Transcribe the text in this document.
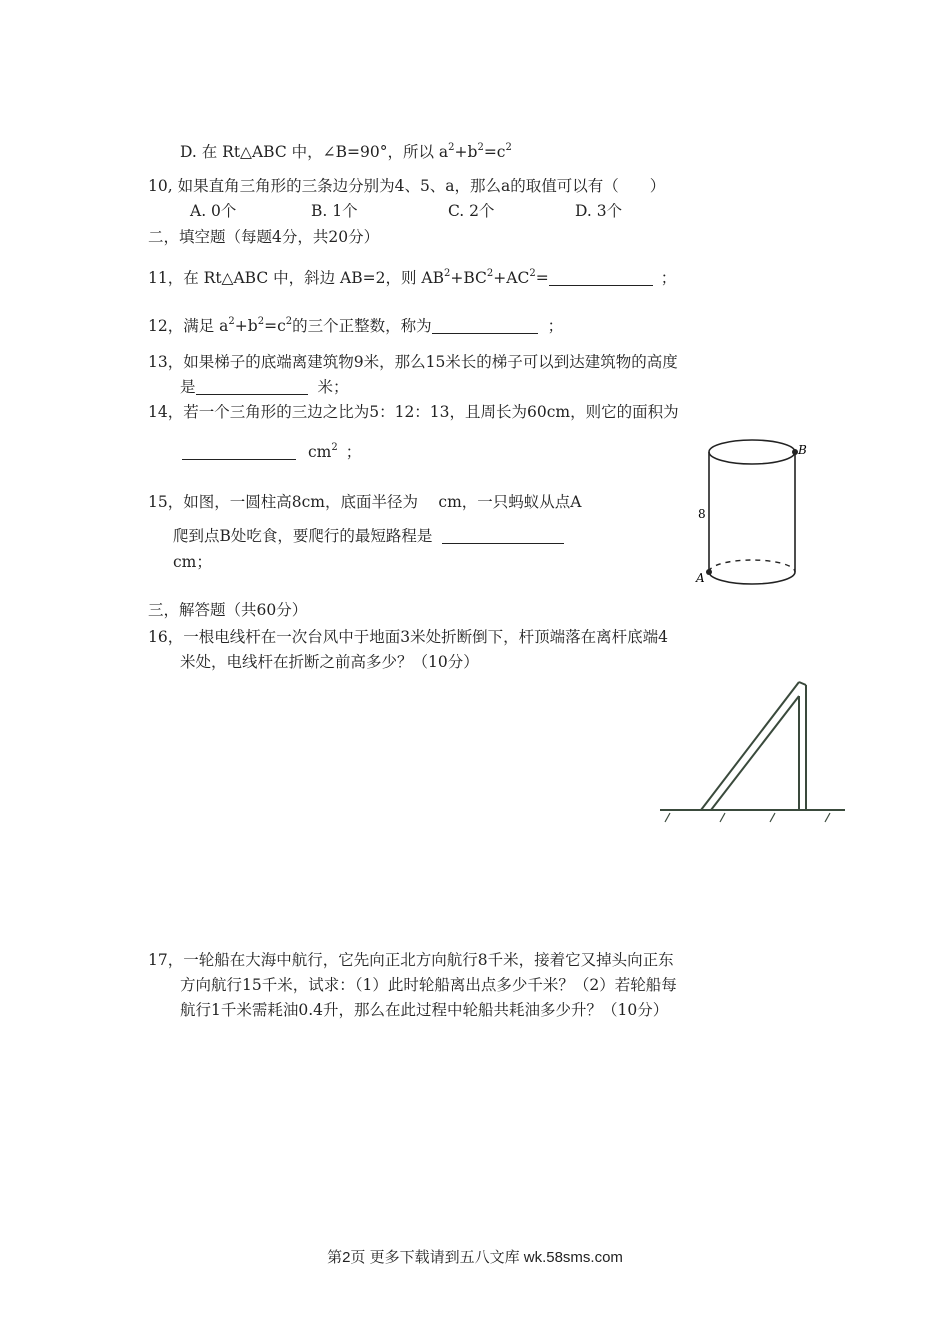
D. 在 Rt△ABC 中，∠B=90°，所以 $a^2+b^2=c^2$
10, 如果直角三角形的三条边分别为4、5、a，那么a的取值可以有（　　）
A. 0个	B. 1个	C. 2个	D. 3个
二，填空题（每题4分，共20分）
11，在 Rt△ABC 中，斜边 AB=2，则 $AB^2+BC^2+AC^2=$	；
12，满足 $a^2+b^2=c^2$的三个正整数，称为	；
13，如果梯子的底端离建筑物9米，那么15米长的梯子可以到达建筑物的高度
是	米；
14，若一个三角形的三边之比为5：12：13，且周长为60cm，则它的面积为
$cm^2$ ；
15，如图，一圆柱高8cm，底面半径为　 cm，一只蚂蚁从点A
爬到点B处吃食，要爬行的最短路程是
cm；
B
A
8
三，解答题（共60分）
16，一根电线杆在一次台风中于地面3米处折断倒下，杆顶端落在离杆底端4
米处，电线杆在折断之前高多少？（10分）
17，一轮船在大海中航行，它先向正北方向航行8千米，接着它又掉头向正东
方向航行15千米，试求：（1）此时轮船离出点多少千米？（2）若轮船每
航行1千米需耗油0.4升，那么在此过程中轮船共耗油多少升？（10分）
第2页 更多下载请到五八文库 wk.58sms.com
